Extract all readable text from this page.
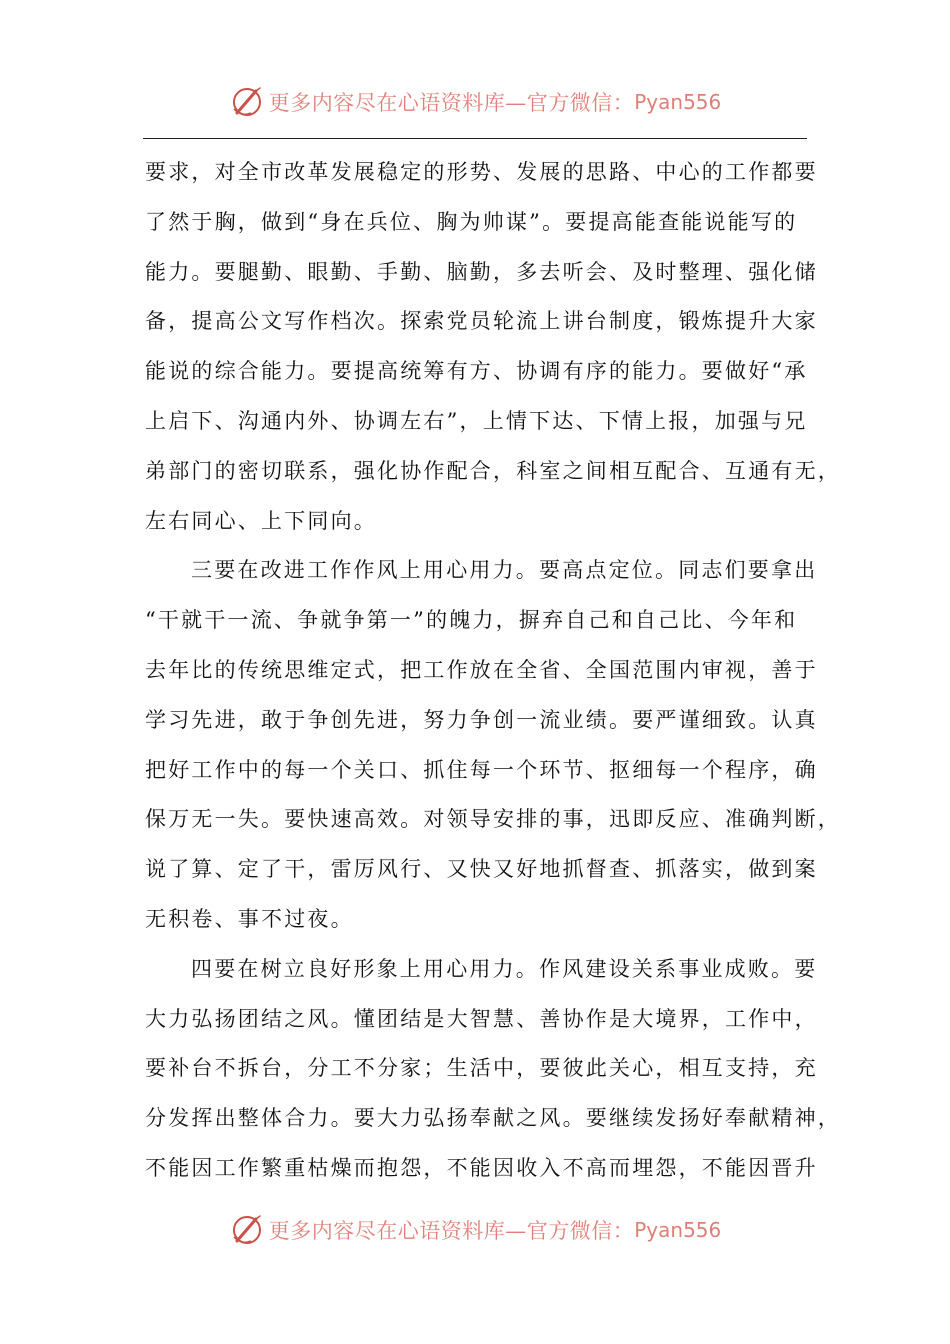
更多内容尽在心语资料库—官方微信： Pyan556
要求，对全市改革发展稳定的形势、发展的思路、中心的工作都要
了然于胸，做到“身在兵位、胸为帅谋”。要提高能查能说能写的
能力。要腿勤、眼勤、手勤、脑勤，多去听会、及时整理、强化储
备，提高公文写作档次。探索党员轮流上讲台制度，锻炼提升大家
能说的综合能力。要提高统筹有方、协调有序的能力。要做好“承
上启下、沟通内外、协调左右”，上情下达、下情上报，加强与兄
弟部门的密切联系，强化协作配合，科室之间相互配合、互通有无，
左右同心、上下同向。
三要在改进工作作风上用心用力。要高点定位。同志们要拿出
“干就干一流、争就争第一”的魄力，摒弃自己和自己比、今年和
去年比的传统思维定式，把工作放在全省、全国范围内审视，善于
学习先进，敢于争创先进，努力争创一流业绩。要严谨细致。认真
把好工作中的每一个关口、抓住每一个环节、抠细每一个程序，确
保万无一失。要快速高效。对领导安排的事，迅即反应、准确判断，
说了算、定了干，雷厉风行、又快又好地抓督查、抓落实，做到案
无积卷、事不过夜。
四要在树立良好形象上用心用力。作风建设关系事业成败。要
大力弘扬团结之风。懂团结是大智慧、善协作是大境界，工作中，
要补台不拆台，分工不分家；生活中，要彼此关心，相互支持，充
分发挥出整体合力。要大力弘扬奉献之风。要继续发扬好奉献精神，
不能因工作繁重枯燥而抱怨，不能因收入不高而埋怨，不能因晋升
更多内容尽在心语资料库—官方微信： Pyan556
